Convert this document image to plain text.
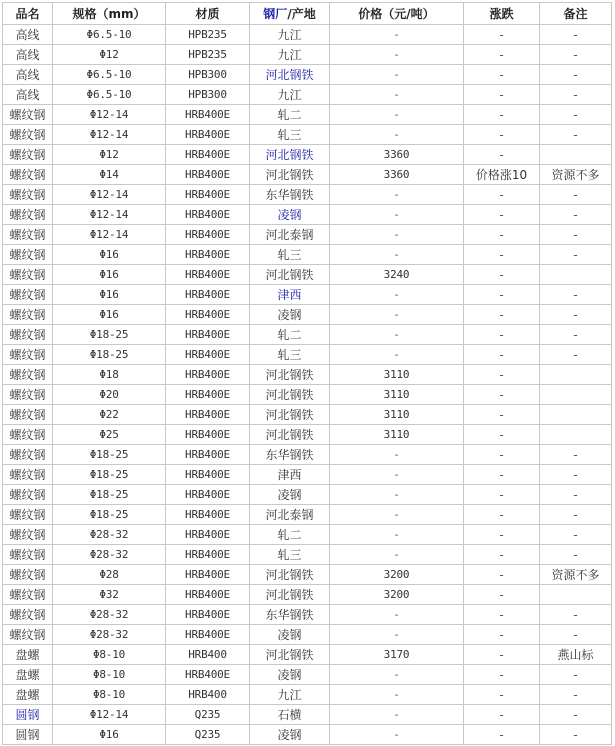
品名	规格（mm）	材质	钢厂/产地	价格（元/吨）	涨跌	备注
高线	Φ6.5-10	HPB235	九江	-	-	-
高线	Φ12	HPB235	九江	-	-	-
高线	Φ6.5-10	HPB300	河北钢铁	-	-	-
高线	Φ6.5-10	HPB300	九江	-	-	-
螺纹钢	Φ12-14	HRB400E	轧二	-	-	-
螺纹钢	Φ12-14	HRB400E	轧三	-	-	-
螺纹钢	Φ12	HRB400E	河北钢铁	3360	-	
螺纹钢	Φ14	HRB400E	河北钢铁	3360	价格涨10	资源不多
螺纹钢	Φ12-14	HRB400E	东华钢铁	-	-	-
螺纹钢	Φ12-14	HRB400E	凌钢	-	-	-
螺纹钢	Φ12-14	HRB400E	河北泰钢	-	-	-
螺纹钢	Φ16	HRB400E	轧三	-	-	-
螺纹钢	Φ16	HRB400E	河北钢铁	3240	-	
螺纹钢	Φ16	HRB400E	津西	-	-	-
螺纹钢	Φ16	HRB400E	凌钢	-	-	-
螺纹钢	Φ18-25	HRB400E	轧二	-	-	-
螺纹钢	Φ18-25	HRB400E	轧三	-	-	-
螺纹钢	Φ18	HRB400E	河北钢铁	3110	-	
螺纹钢	Φ20	HRB400E	河北钢铁	3110	-	
螺纹钢	Φ22	HRB400E	河北钢铁	3110	-	
螺纹钢	Φ25	HRB400E	河北钢铁	3110	-	
螺纹钢	Φ18-25	HRB400E	东华钢铁	-	-	-
螺纹钢	Φ18-25	HRB400E	津西	-	-	-
螺纹钢	Φ18-25	HRB400E	凌钢	-	-	-
螺纹钢	Φ18-25	HRB400E	河北泰钢	-	-	-
螺纹钢	Φ28-32	HRB400E	轧二	-	-	-
螺纹钢	Φ28-32	HRB400E	轧三	-	-	-
螺纹钢	Φ28	HRB400E	河北钢铁	3200	-	资源不多
螺纹钢	Φ32	HRB400E	河北钢铁	3200	-	
螺纹钢	Φ28-32	HRB400E	东华钢铁	-	-	-
螺纹钢	Φ28-32	HRB400E	凌钢	-	-	-
盘螺	Φ8-10	HRB400	河北钢铁	3170	-	燕山标
盘螺	Φ8-10	HRB400E	凌钢	-	-	-
盘螺	Φ8-10	HRB400	九江	-	-	-
圆钢	Φ12-14	Q235	石横	-	-	-
圆钢	Φ16	Q235	凌钢	-	-	-
